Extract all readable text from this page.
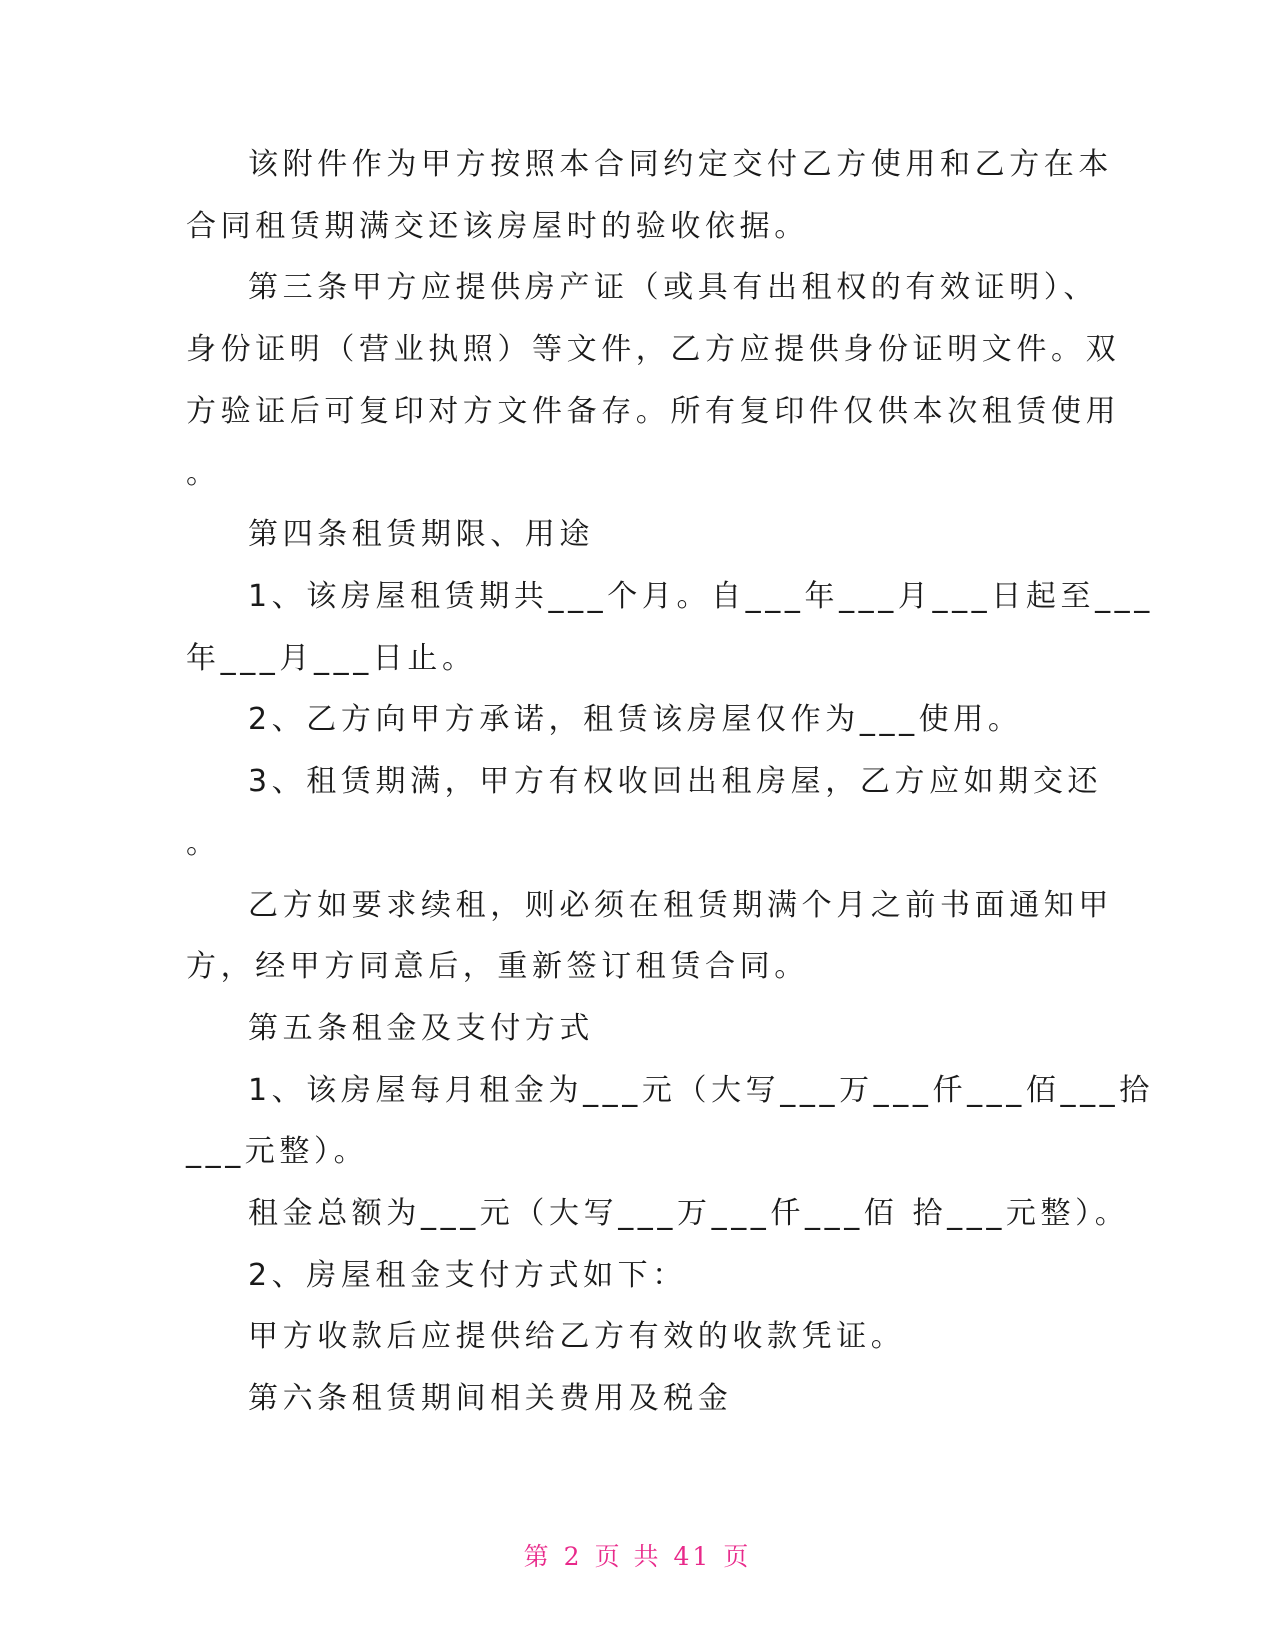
该附件作为甲方按照本合同约定交付乙方使用和乙方在本
合同租赁期满交还该房屋时的验收依据。
第三条甲方应提供房产证（或具有出租权的有效证明）、
身份证明（营业执照）等文件，乙方应提供身份证明文件。双
方验证后可复印对方文件备存。所有复印件仅供本次租赁使用
。
第四条租赁期限、用途
1、该房屋租赁期共___个月。自___年___月___日起至___
年___月___日止。
2、乙方向甲方承诺，租赁该房屋仅作为___使用。
3、租赁期满，甲方有权收回出租房屋，乙方应如期交还
。
乙方如要求续租，则必须在租赁期满个月之前书面通知甲
方，经甲方同意后，重新签订租赁合同。
第五条租金及支付方式
1、该房屋每月租金为___元（大写___万___仟___佰___拾
___元整）。
租金总额为___元（大写___万___仟___佰 拾___元整）。
2、房屋租金支付方式如下：
甲方收款后应提供给乙方有效的收款凭证。
第六条租赁期间相关费用及税金
第 2 页 共 41 页
